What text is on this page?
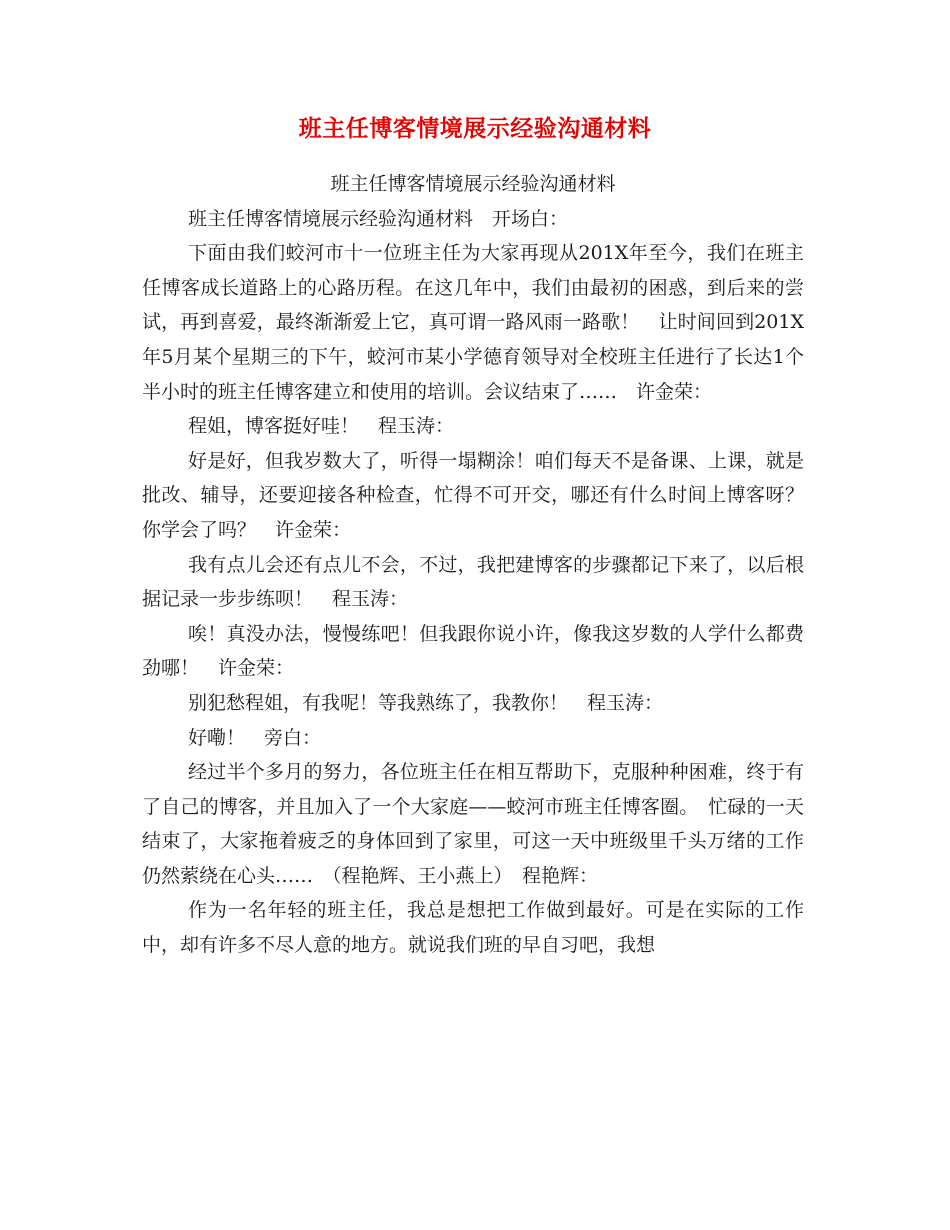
班主任博客情境展示经验沟通材料

班主任博客情境展示经验沟通材料

班主任博客情境展示经验沟通材料　开场白：

下面由我们蛟河市十一位班主任为大家再现从201X年至今，我们在班主任博客成长道路上的心路历程。在这几年中，我们由最初的困惑，到后来的尝试，再到喜爱，最终渐渐爱上它，真可谓一路风雨一路歌！　让时间回到201X年5月某个星期三的下午，蛟河市某小学德育领导对全校班主任进行了长达1个半小时的班主任博客建立和使用的培训。会议结束了……　许金荣：

程姐，博客挺好哇！　程玉涛：

好是好，但我岁数大了，听得一塌糊涂！咱们每天不是备课、上课，就是批改、辅导，还要迎接各种检查，忙得不可开交，哪还有什么时间上博客呀？你学会了吗？　许金荣：

我有点儿会还有点儿不会，不过，我把建博客的步骤都记下来了，以后根据记录一步步练呗！　程玉涛：

唉！真没办法，慢慢练吧！但我跟你说小许，像我这岁数的人学什么都费劲哪！　许金荣：

别犯愁程姐，有我呢！等我熟练了，我教你！　程玉涛：

好嘞！　旁白：

经过半个多月的努力，各位班主任在相互帮助下，克服种种困难，终于有了自己的博客，并且加入了一个大家庭——蛟河市班主任博客圈。　忙碌的一天结束了，大家拖着疲乏的身体回到了家里，可这一天中班级里千头万绪的工作仍然萦绕在心头……　（程艳辉、王小燕上）　程艳辉：

作为一名年轻的班主任，我总是想把工作做到最好。可是在实际的工作中，却有许多不尽人意的地方。就说我们班的早自习吧，我想
